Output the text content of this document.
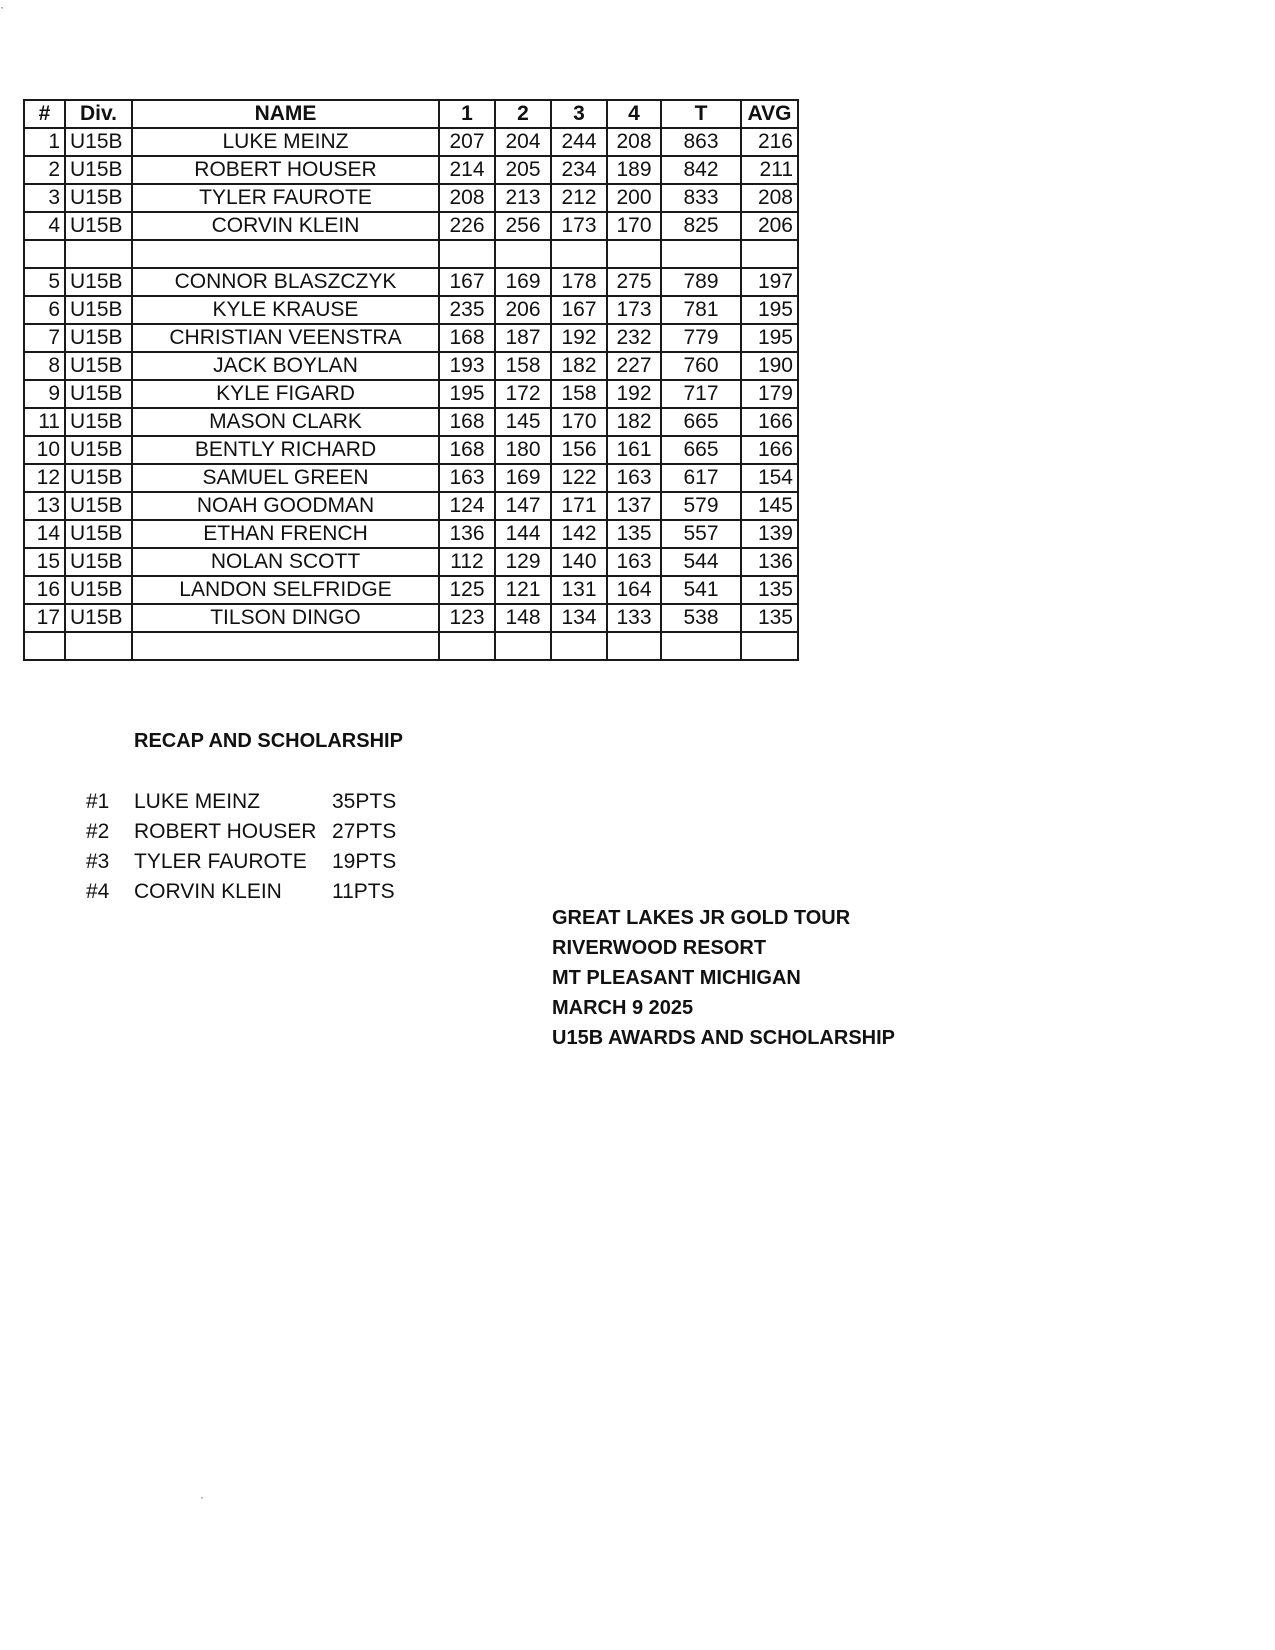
#	Div.	NAME	1	2	3	4	T	AVG
1	U15B	LUKE MEINZ	207	204	244	208	863	216
2	U15B	ROBERT HOUSER	214	205	234	189	842	211
3	U15B	TYLER FAUROTE	208	213	212	200	833	208
4	U15B	CORVIN KLEIN	226	256	173	170	825	206

5	U15B	CONNOR BLASZCZYK	167	169	178	275	789	197
6	U15B	KYLE KRAUSE	235	206	167	173	781	195
7	U15B	CHRISTIAN VEENSTRA	168	187	192	232	779	195
8	U15B	JACK BOYLAN	193	158	182	227	760	190
9	U15B	KYLE FIGARD	195	172	158	192	717	179
11	U15B	MASON CLARK	168	145	170	182	665	166
10	U15B	BENTLY RICHARD	168	180	156	161	665	166
12	U15B	SAMUEL GREEN	163	169	122	163	617	154
13	U15B	NOAH GOODMAN	124	147	171	137	579	145
14	U15B	ETHAN FRENCH	136	144	142	135	557	139
15	U15B	NOLAN SCOTT	112	129	140	163	544	136
16	U15B	LANDON SELFRIDGE	125	121	131	164	541	135
17	U15B	TILSON DINGO	123	148	134	133	538	135

RECAP AND SCHOLARSHIP
#1 LUKE MEINZ	35PTS
#2 ROBERT HOUSER 27PTS
#3 TYLER FAUROTE 19PTS
#4 CORVIN KLEIN 11PTS
GREAT LAKES JR GOLD TOUR
RIVERWOOD RESORT
MT PLEASANT MICHIGAN
MARCH 9 2025
U15B AWARDS AND SCHOLARSHIP
·
·
